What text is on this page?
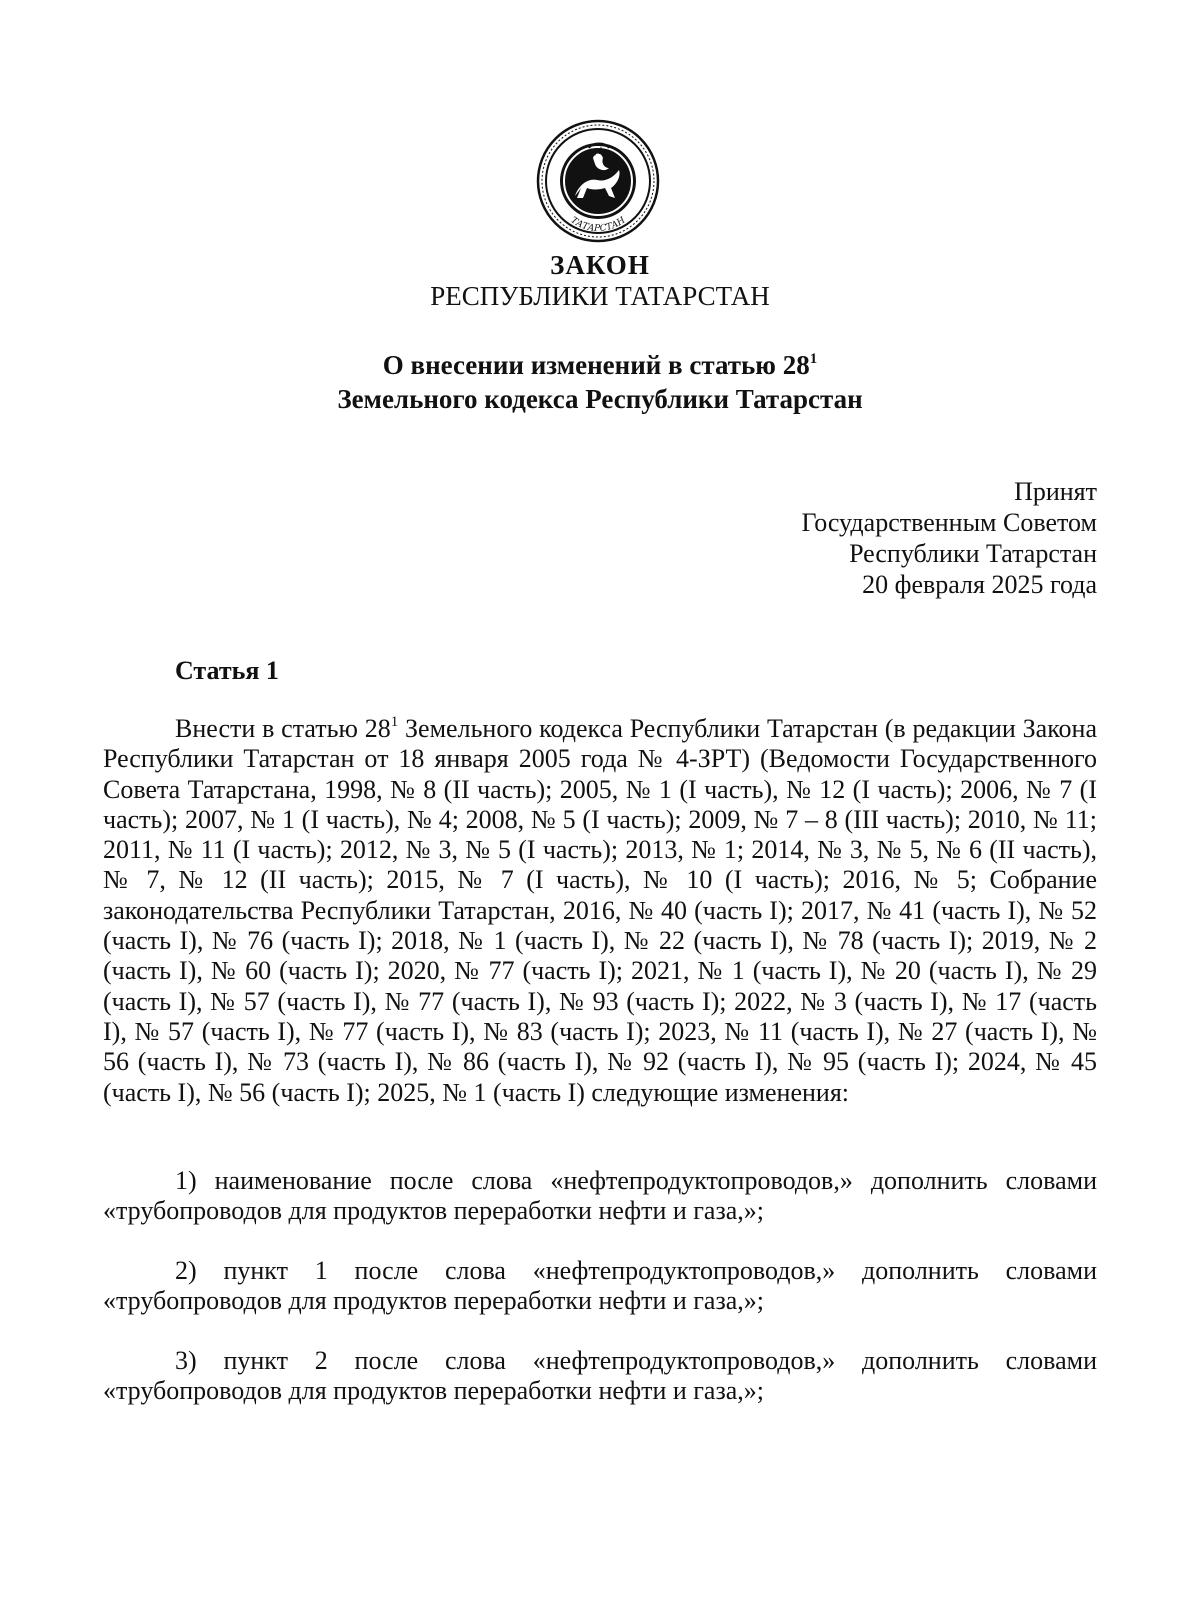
ТАТАРСТАН
ЗАКОН
РЕСПУБЛИКИ ТАТАРСТАН
О внесении изменений в статью $28^1$
Земельного кодекса Республики Татарстан
Принят
Государственным Советом
Республики Татарстан
20 февраля 2025 года
Статья 1
Внести в статью $28^1$ Земельного кодекса Республики Татарстан (в редакции Закона Республики Татарстан от 18 января 2005 года № 4-ЗРТ) (Ведомости Государственного Совета Татарстана, 1998, № 8 (II часть); 2005, № 1 (I часть), № 12 (I часть); 2006, № 7 (I часть); 2007, № 1 (I часть), № 4; 2008, № 5 (I часть); 2009, № 7 – 8 (III часть); 2010, № 11; 2011, № 11 (I часть); 2012, № 3, № 5 (I часть); 2013, № 1; 2014, № 3, № 5, № 6 (II часть), № 7, № 12 (II часть); 2015, № 7 (I часть), № 10 (I часть); 2016, № 5; Собрание законодательства Республики Татарстан, 2016, № 40 (часть I); 2017, № 41 (часть I), № 52 (часть I), № 76 (часть I); 2018, № 1 (часть I), № 22 (часть I), № 78 (часть I); 2019, № 2 (часть I), № 60 (часть I); 2020, № 77 (часть I); 2021, № 1 (часть I), № 20 (часть I), № 29 (часть I), № 57 (часть I), № 77 (часть I), № 93 (часть I); 2022, № 3 (часть I), № 17 (часть I), № 57 (часть I), № 77 (часть I), № 83 (часть I); 2023, № 11 (часть I), № 27 (часть I), № 56 (часть I), № 73 (часть I), № 86 (часть I), № 92 (часть I), № 95 (часть I); 2024, № 45 (часть I), № 56 (часть I); 2025, № 1 (часть I) следующие изменения:
1) наименование после слова «нефтепродуктопроводов,» дополнить словами «трубопроводов для продуктов переработки нефти и газа,»;
2) пункт 1 после слова «нефтепродуктопроводов,» дополнить словами «трубопроводов для продуктов переработки нефти и газа,»;
3) пункт 2 после слова «нефтепродуктопроводов,» дополнить словами «трубопроводов для продуктов переработки нефти и газа,»;
